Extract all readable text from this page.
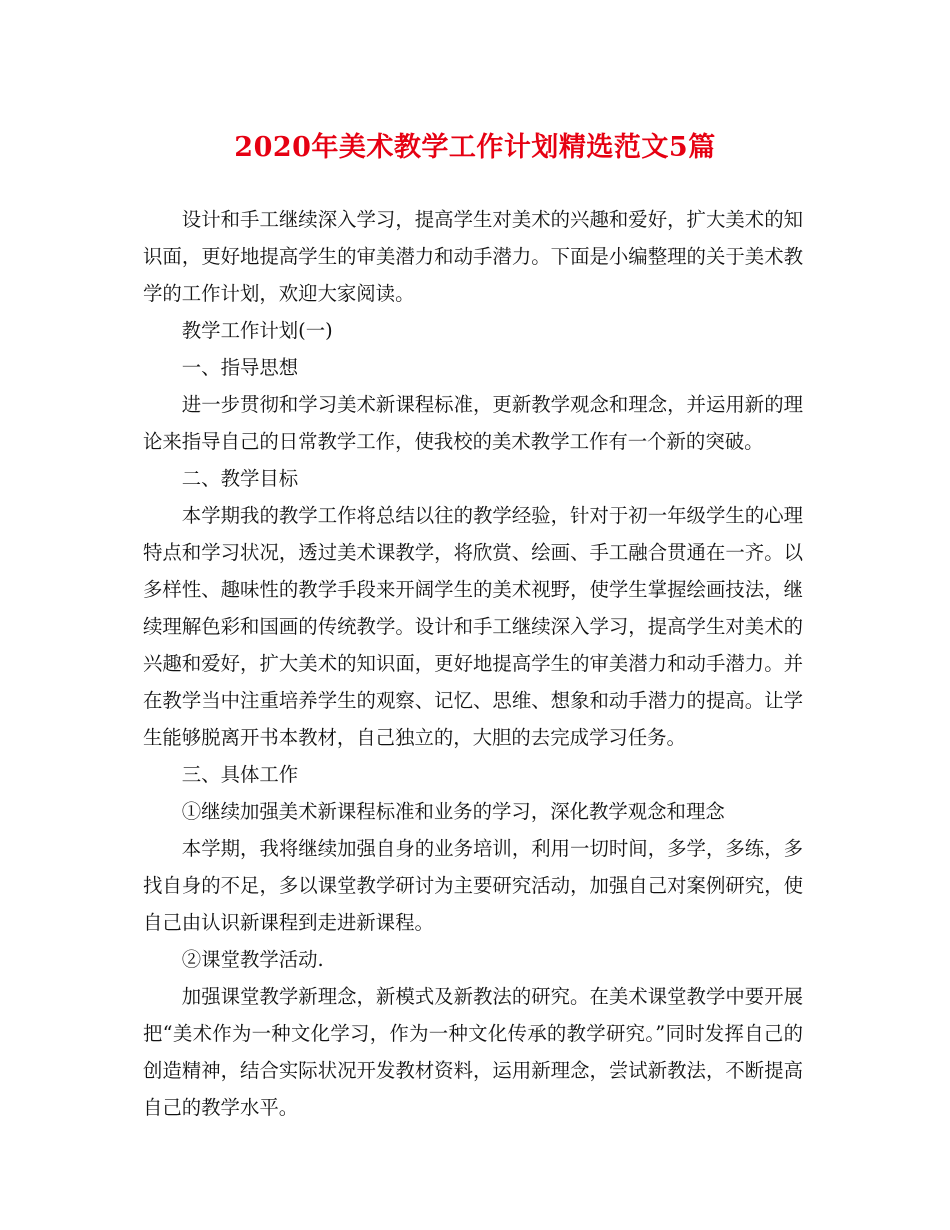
2020年美术教学工作计划精选范文5篇

设计和手工继续深入学习，提高学生对美术的兴趣和爱好，扩大美术的知识面，更好地提高学生的审美潜力和动手潜力。下面是小编整理的关于美术教学的工作计划，欢迎大家阅读。

教学工作计划(一)

一、指导思想

进一步贯彻和学习美术新课程标准，更新教学观念和理念，并运用新的理论来指导自己的日常教学工作，使我校的美术教学工作有一个新的突破。

二、教学目标

本学期我的教学工作将总结以往的教学经验，针对于初一年级学生的心理特点和学习状况，透过美术课教学，将欣赏、绘画、手工融合贯通在一齐。以多样性、趣味性的教学手段来开阔学生的美术视野，使学生掌握绘画技法，继续理解色彩和国画的传统教学。设计和手工继续深入学习，提高学生对美术的兴趣和爱好，扩大美术的知识面，更好地提高学生的审美潜力和动手潜力。并在教学当中注重培养学生的观察、记忆、思维、想象和动手潜力的提高。让学生能够脱离开书本教材，自己独立的，大胆的去完成学习任务。

三、具体工作

①继续加强美术新课程标准和业务的学习，深化教学观念和理念

本学期，我将继续加强自身的业务培训，利用一切时间，多学，多练，多找自身的不足，多以课堂教学研讨为主要研究活动，加强自己对案例研究，使自己由认识新课程到走进新课程。

②课堂教学活动.

加强课堂教学新理念，新模式及新教法的研究。在美术课堂教学中要开展把“美术作为一种文化学习，作为一种文化传承的教学研究。”同时发挥自己的创造精神，结合实际状况开发教材资料，运用新理念，尝试新教法，不断提高自己的教学水平。
